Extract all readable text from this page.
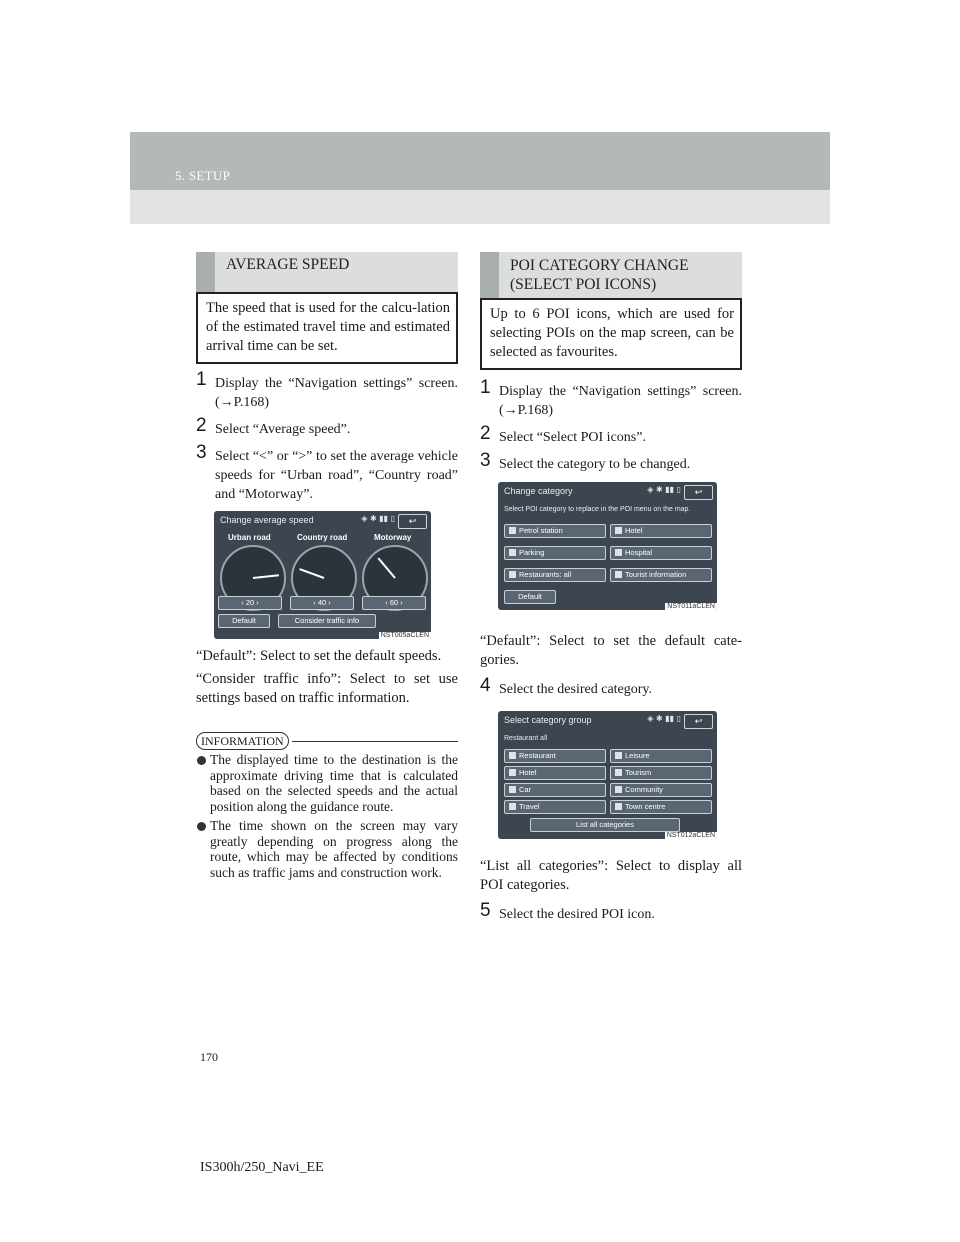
5. SETUP
AVERAGE SPEED
The speed that is used for the calcu-lation of the estimated travel time and estimated arrival time can be set.
1 Display the “Navigation settings” screen. (→P.168)
2 Select “Average speed”.
3 Select “<” or “>” to set the average vehicle speeds for “Urban road”, “Country road” and “Motorway”.
Change average speed	◈ ✱ ▮▮ ▯	↩
Urban road	Country road	Motorway
‹ 20 ›	‹ 40 ›	‹ 60 ›
Default	Consider traffic info
NST005aCLEN
“Default”: Select to set the default speeds.
“Consider traffic info”: Select to set use settings based on traffic information.
INFORMATION
The displayed time to the destination is the approximate driving time that is calculated based on the selected speeds and the actual position along the guidance route.
The time shown on the screen may vary greatly depending on progress along the route, which may be affected by conditions such as traffic jams and construction work.
POI CATEGORY CHANGE (SELECT POI ICONS)
Up to 6 POI icons, which are used for selecting POIs on the map screen, can be selected as favourites.
1 Display the “Navigation settings” screen. (→P.168)
2 Select “Select POI icons”.
3 Select the category to be changed.
Change category	◈ ✱ ▮▮ ▯	↩
Select POI category to replace in the POI menu on the map.
Petrol station	Hotel
Parking	Hospital
Restaurants: all	Tourist information
Default
NST011aCLEN
“Default”: Select to set the default cate-gories.
4 Select the desired category.
Select category group	◈ ✱ ▮▮ ▯	↩
Restaurant all
Restaurant	Leisure
Hotel	Tourism
Car	Community
Travel	Town centre
List all categories
NST012aCLEN
“List all categories”: Select to display all POI categories.
5 Select the desired POI icon.
170
IS300h/250_Navi_EE
